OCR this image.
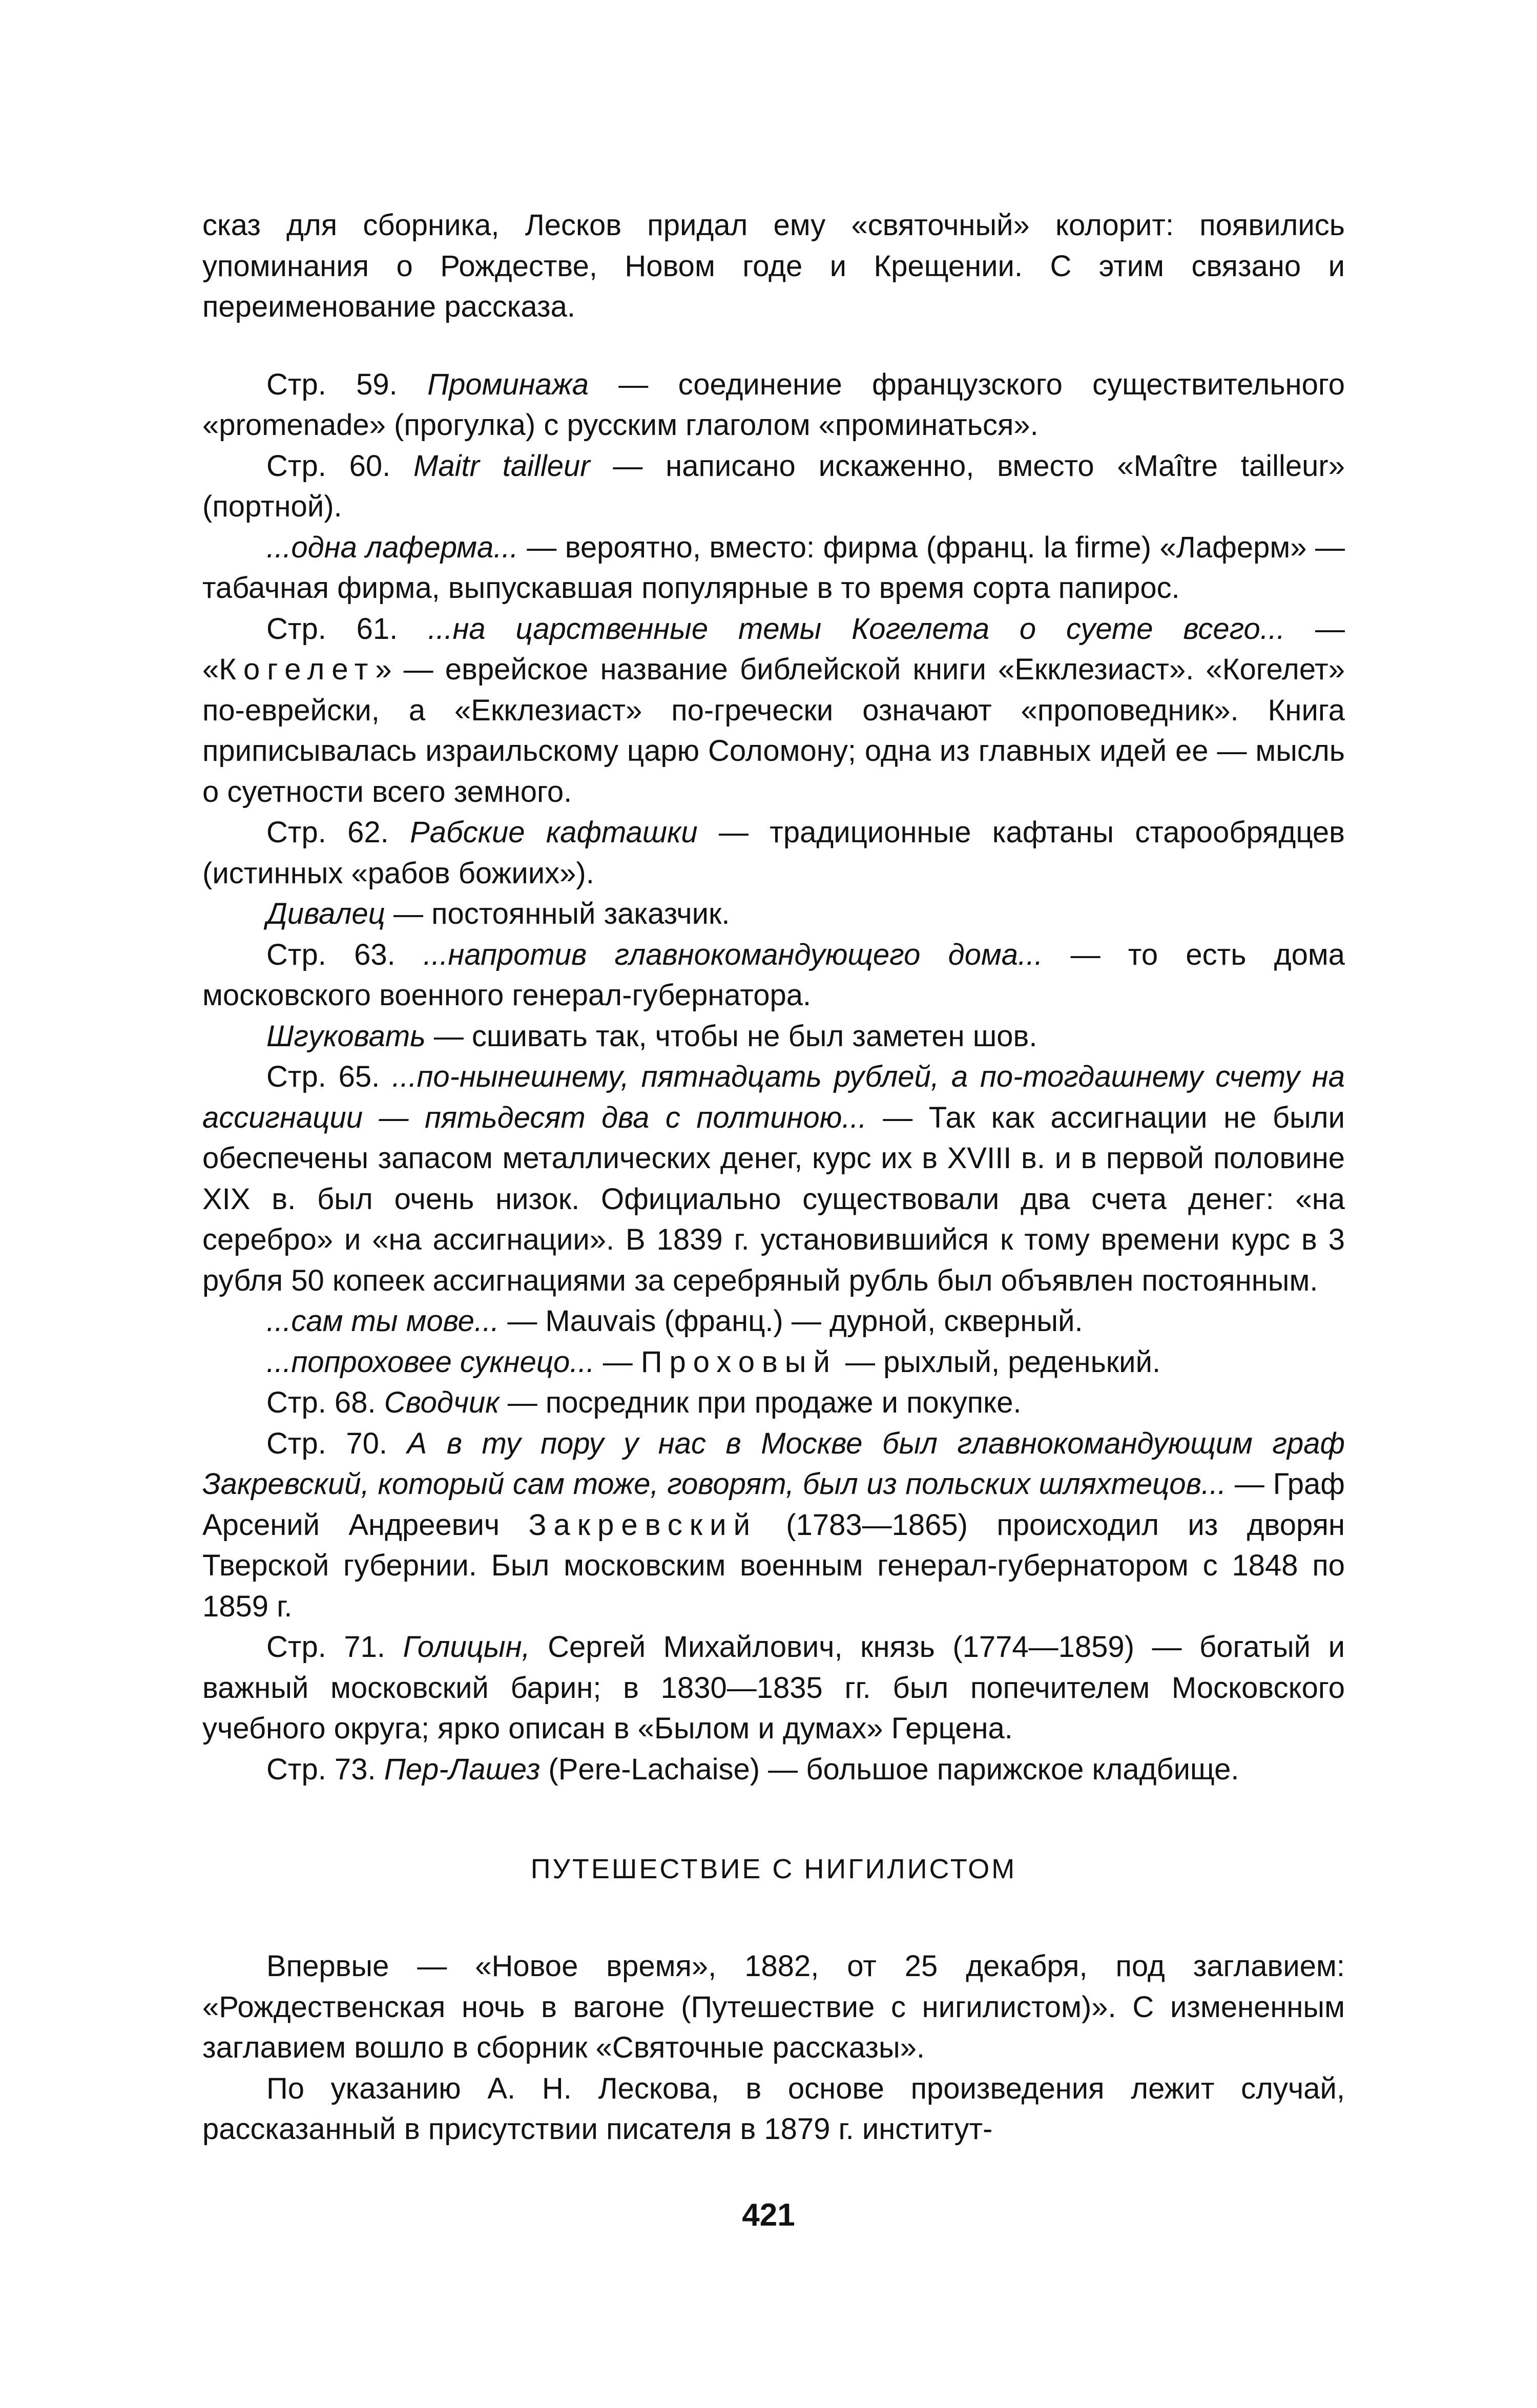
сказ для сборника, Лесков придал ему «святочный» колорит: появились упоминания о Рождестве, Новом годе и Крещении. С этим связано и переименование рассказа.

Стр. 59. Проминажа — соединение французского существительного «promenade» (прогулка) с русским глаголом «проминаться».

Стр. 60. Maitr tailleur — написано искаженно, вместо «Maître tailleur» (портной).

...одна лаферма... — вероятно, вместо: фирма (франц. la firme) «Лаферм» — табачная фирма, выпускавшая популярные в то время сорта папирос.

Стр. 61. ...на царственные темы Когелета о суете всего... — «Когелет» — еврейское название библейской книги «Екклезиаст». «Когелет» по-еврейски, а «Екклезиаст» по-гречески означают «проповедник». Книга приписывалась израильскому царю Соломону; одна из главных идей ее — мысль о суетности всего земного.

Стр. 62. Рабские кафташки — традиционные кафтаны старообрядцев (истинных «рабов божиих»).

Дивалец — постоянный заказчик.

Стр. 63. ...напротив главнокомандующего дома... — то есть дома московского военного генерал-губернатора.

Шгуковать — сшивать так, чтобы не был заметен шов.

Стр. 65. ...по-нынешнему, пятнадцать рублей, а по-тогдашнему счету на ассигнации — пятьдесят два с полтиною... — Так как ассигнации не были обеспечены запасом металлических денег, курс их в XVIII в. и в первой половине XIX в. был очень низок. Официально существовали два счета денег: «на серебро» и «на ассигнации». В 1839 г. установившийся к тому времени курс в 3 рубля 50 копеек ассигнациями за серебряный рубль был объявлен постоянным.

...сам ты мове... — Mauvais (франц.) — дурной, скверный.

...попроховее сукнецо... — Проховый — рыхлый, реденький.

Стр. 68. Сводчик — посредник при продаже и покупке.

Стр. 70. А в ту пору у нас в Москве был главнокомандующим граф Закревский, который сам тоже, говорят, был из польских шляхтецов... — Граф Арсений Андреевич Закревский (1783—1865) происходил из дворян Тверской губернии. Был московским военным генерал-губернатором с 1848 по 1859 г.

Стр. 71. Голицын, Сергей Михайлович, князь (1774—1859) — богатый и важный московский барин; в 1830—1835 гг. был попечителем Московского учебного округа; ярко описан в «Былом и думах» Герцена.

Стр. 73. Пер-Лашез (Pere-Lachaise) — большое парижское кладбище.

ПУТЕШЕСТВИЕ С НИГИЛИСТОМ

Впервые — «Новое время», 1882, от 25 декабря, под заглавием: «Рождественская ночь в вагоне (Путешествие с нигилистом)». С измененным заглавием вошло в сборник «Святочные рассказы».

По указанию А. Н. Лескова, в основе произведения лежит случай, рассказанный в присутствии писателя в 1879 г. институт-

421
